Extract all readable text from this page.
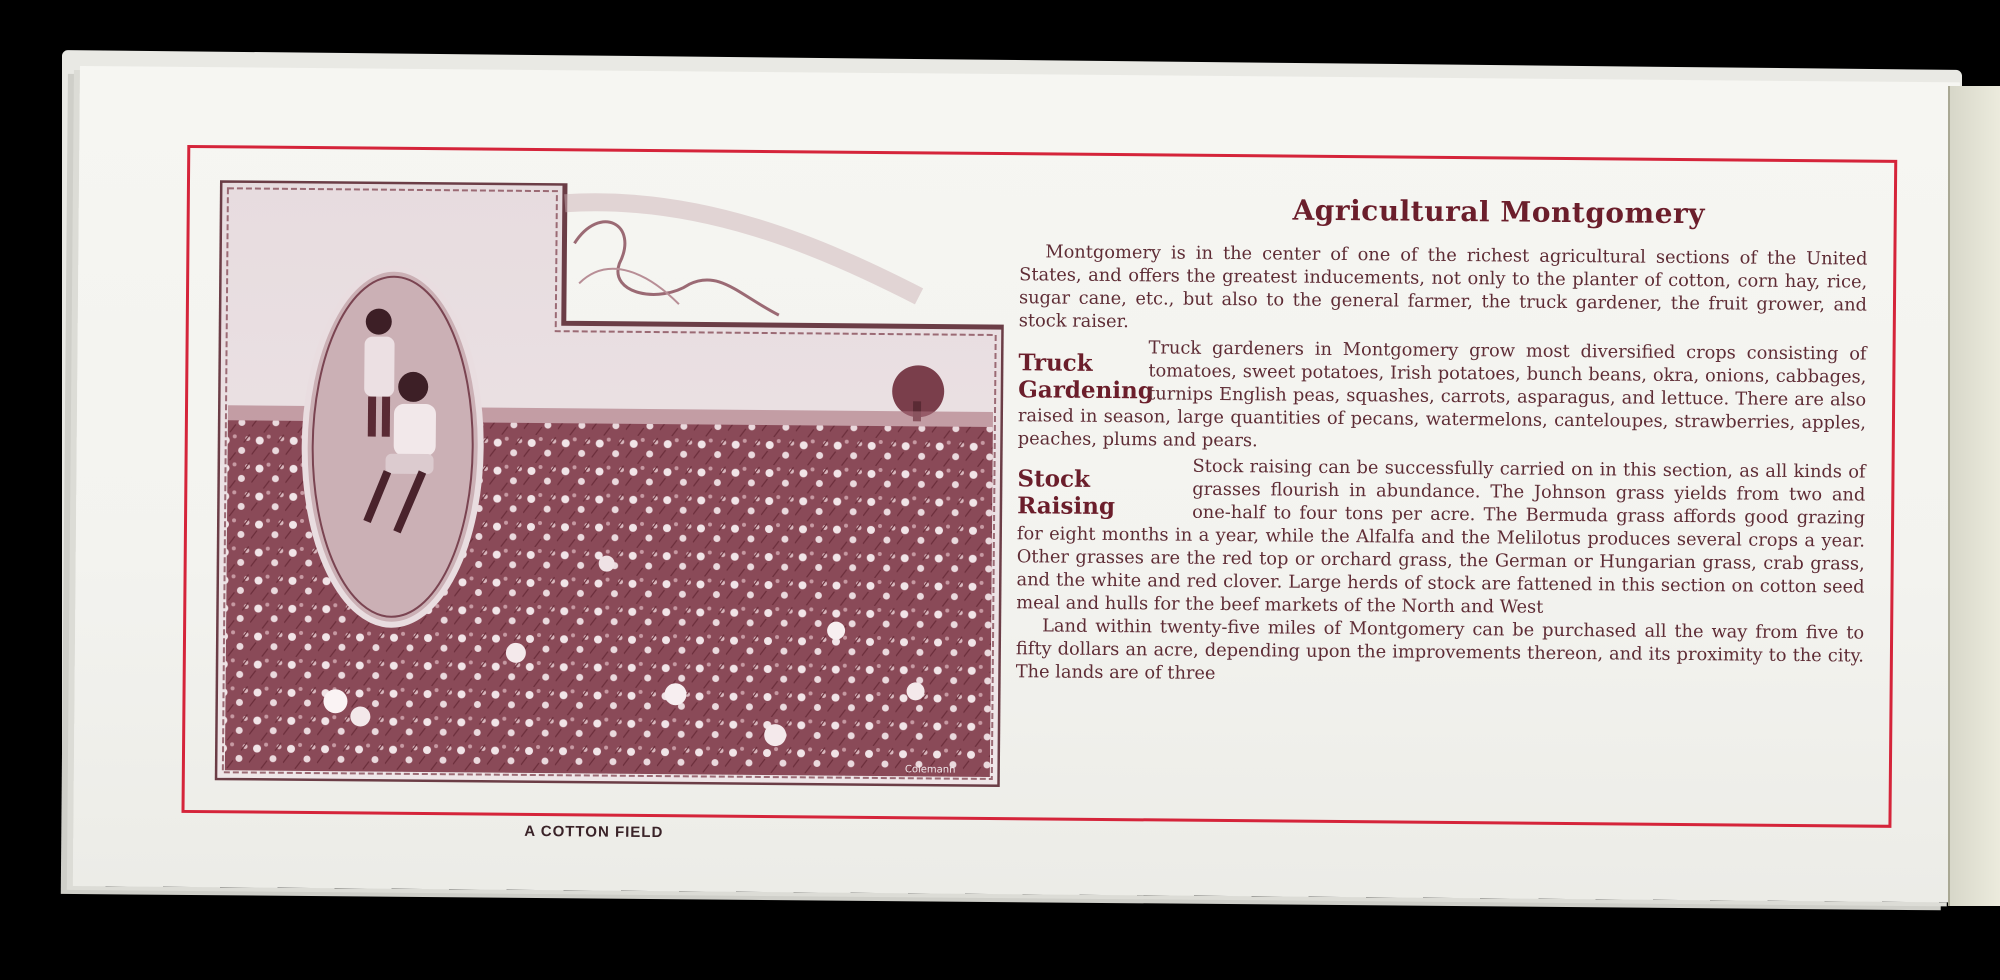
Colemann
A COTTON FIELD
Agricultural Montgomery

Montgomery is in the center of one of the richest agricultural sections of the United States, and offers the greatest inducements, not only to the planter of cotton, corn hay, rice, sugar cane, etc., but also to the general farmer, the truck gardener, the fruit grower, and stock raiser.

Truck
Gardening

Truck gardeners in Montgomery grow most diversified crops consisting of tomatoes, sweet potatoes, Irish potatoes, bunch beans, okra, onions, cabbages, turnips English peas, squashes, carrots, asparagus, and lettuce. There are also raised in season, large quantities of pecans, watermelons, canteloupes, strawberries, apples, peaches, plums and pears.

Stock Raising

Stock raising can be successfully carried on in this section, as all kinds of grasses flourish in abundance. The Johnson grass yields from two and one-half to four tons per acre. The Bermuda grass affords good grazing for eight months in a year, while the Alfalfa and the Melilotus produces several crops a year. Other grasses are the red top or orchard grass, the German or Hungarian grass, crab grass, and the white and red clover. Large herds of stock are fattened in this section on cotton seed meal and hulls for the beef markets of the North and West

Land within twenty-five miles of Montgomery can be purchased all the way from five to fifty dollars an acre, depending upon the improvements thereon, and its proximity to the city. The lands are of three
